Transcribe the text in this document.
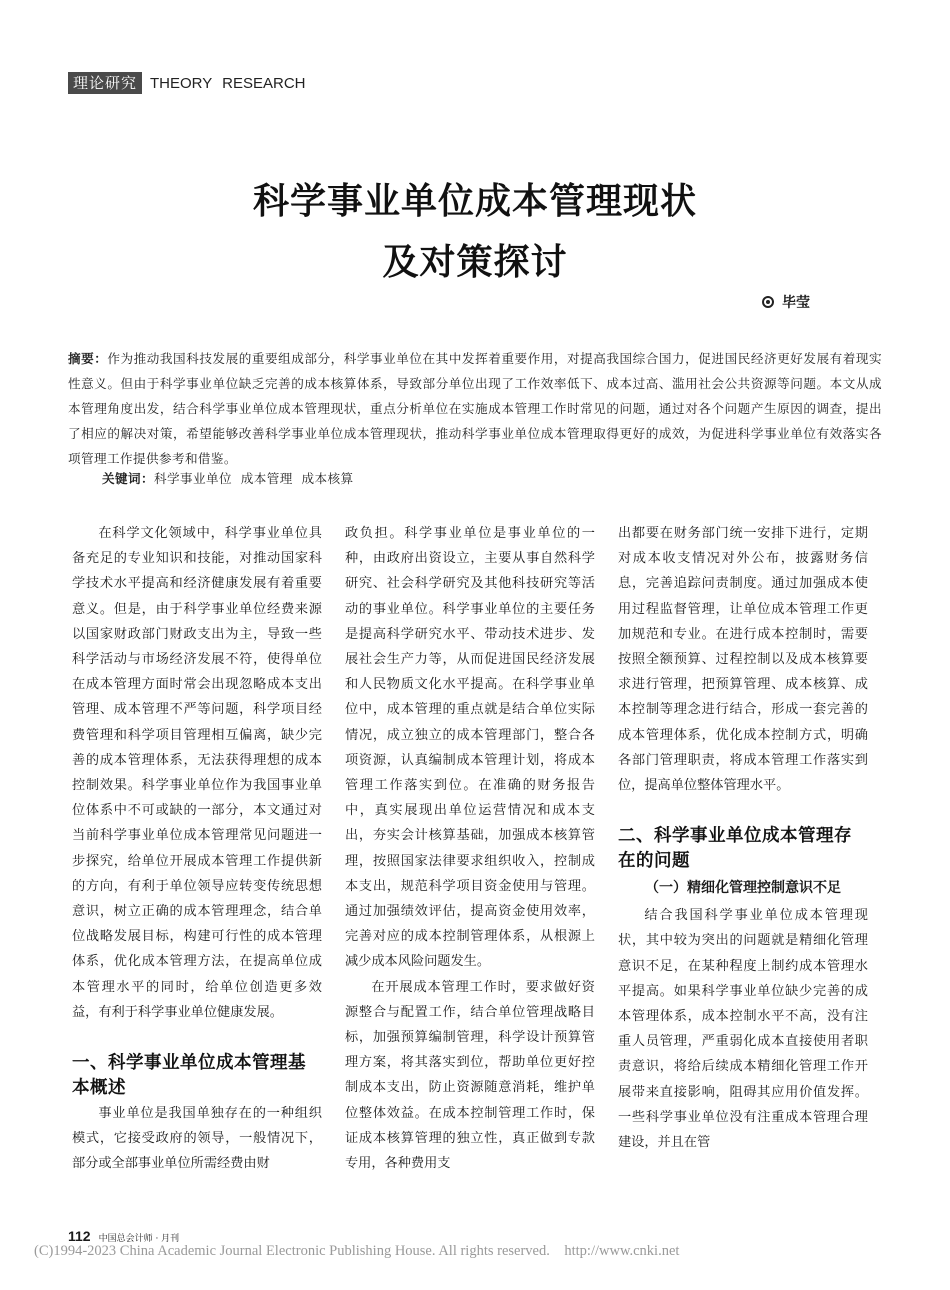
理论研究 THEORY RESEARCH
科学事业单位成本管理现状
及对策探讨
毕莹

摘要：作为推动我国科技发展的重要组成部分，科学事业单位在其中发挥着重要作用，对提高我国综合国力，促进国民经济更好发展有着现实性意义。但由于科学事业单位缺乏完善的成本核算体系，导致部分单位出现了工作效率低下、成本过高、滥用社会公共资源等问题。本文从成本管理角度出发，结合科学事业单位成本管理现状，重点分析单位在实施成本管理工作时常见的问题，通过对各个问题产生原因的调查，提出了相应的解决对策，希望能够改善科学事业单位成本管理现状，推动科学事业单位成本管理取得更好的成效，为促进科学事业单位有效落实各项管理工作提供参考和借鉴。

关键词：科学事业单位  成本管理  成本核算

在科学文化领域中，科学事业单位具备充足的专业知识和技能，对推动国家科学技术水平提高和经济健康发展有着重要意义。但是，由于科学事业单位经费来源以国家财政部门财政支出为主，导致一些科学活动与市场经济发展不符，使得单位在成本管理方面时常会出现忽略成本支出管理、成本管理不严等问题，科学项目经费管理和科学项目管理相互偏离，缺少完善的成本管理体系，无法获得理想的成本控制效果。科学事业单位作为我国事业单位体系中不可或缺的一部分，本文通过对当前科学事业单位成本管理常见问题进一步探究，给单位开展成本管理工作提供新的方向，有利于单位领导应转变传统思想意识，树立正确的成本管理理念，结合单位战略发展目标，构建可行性的成本管理体系，优化成本管理方法，在提高单位成本管理水平的同时，给单位创造更多效益，有利于科学事业单位健康发展。

一、科学事业单位成本管理基本概述

事业单位是我国单独存在的一种组织模式，它接受政府的领导，一般情况下，部分或全部事业单位所需经费由财

政负担。科学事业单位是事业单位的一种，由政府出资设立，主要从事自然科学研究、社会科学研究及其他科技研究等活动的事业单位。科学事业单位的主要任务是提高科学研究水平、带动技术进步、发展社会生产力等，从而促进国民经济发展和人民物质文化水平提高。在科学事业单位中，成本管理的重点就是结合单位实际情况，成立独立的成本管理部门，整合各项资源，认真编制成本管理计划，将成本管理工作落实到位。在准确的财务报告中，真实展现出单位运营情况和成本支出，夯实会计核算基础，加强成本核算管理，按照国家法律要求组织收入，控制成本支出，规范科学项目资金使用与管理。通过加强绩效评估，提高资金使用效率，完善对应的成本控制管理体系，从根源上减少成本风险问题发生。

在开展成本管理工作时，要求做好资源整合与配置工作，结合单位管理战略目标，加强预算编制管理，科学设计预算管理方案，将其落实到位，帮助单位更好控制成本支出，防止资源随意消耗，维护单位整体效益。在成本控制管理工作时，保证成本核算管理的独立性，真正做到专款专用，各种费用支

出都要在财务部门统一安排下进行，定期对成本收支情况对外公布，披露财务信息，完善追踪问责制度。通过加强成本使用过程监督管理，让单位成本管理工作更加规范和专业。在进行成本控制时，需要按照全额预算、过程控制以及成本核算要求进行管理，把预算管理、成本核算、成本控制等理念进行结合，形成一套完善的成本管理体系，优化成本控制方式，明确各部门管理职责，将成本管理工作落实到位，提高单位整体管理水平。

二、科学事业单位成本管理存在的问题
（一）精细化管理控制意识不足

结合我国科学事业单位成本管理现状，其中较为突出的问题就是精细化管理意识不足，在某种程度上制约成本管理水平提高。如果科学事业单位缺少完善的成本管理体系，成本控制水平不高，没有注重人员管理，严重弱化成本直接使用者职责意识，将给后续成本精细化管理工作开展带来直接影响，阻碍其应用价值发挥。一些科学事业单位没有注重成本管理合理建设，并且在管

112 中国总会计师 · 月刊
(C)1994-2023 China Academic Journal Electronic Publishing House. All rights reserved.    http://www.cnki.net
